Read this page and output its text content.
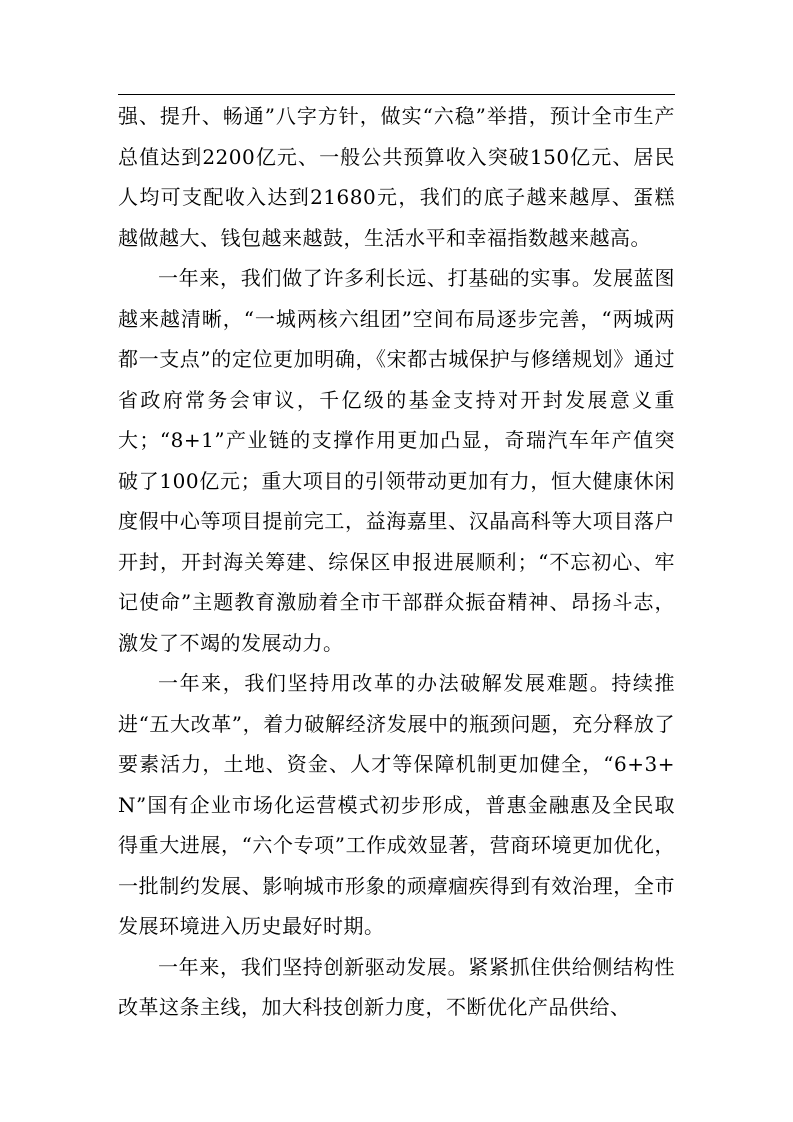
强、提升、畅通”八字方针，做实“六稳”举措，预计全市生产总值达到2200亿元、一般公共预算收入突破150亿元、居民人均可支配收入达到21680元，我们的底子越来越厚、蛋糕越做越大、钱包越来越鼓，生活水平和幸福指数越来越高。

一年来，我们做了许多利长远、打基础的实事。发展蓝图越来越清晰，“一城两核六组团”空间布局逐步完善，“两城两都一支点”的定位更加明确，《宋都古城保护与修缮规划》通过省政府常务会审议，千亿级的基金支持对开封发展意义重大；“8+1”产业链的支撑作用更加凸显，奇瑞汽车年产值突破了100亿元；重大项目的引领带动更加有力，恒大健康休闲度假中心等项目提前完工，益海嘉里、汉晶高科等大项目落户开封，开封海关筹建、综保区申报进展顺利；“不忘初心、牢记使命”主题教育激励着全市干部群众振奋精神、昂扬斗志，激发了不竭的发展动力。

一年来，我们坚持用改革的办法破解发展难题。持续推进“五大改革”，着力破解经济发展中的瓶颈问题，充分释放了要素活力，土地、资金、人才等保障机制更加健全，“6+3+N”国有企业市场化运营模式初步形成，普惠金融惠及全民取得重大进展，“六个专项”工作成效显著，营商环境更加优化，一批制约发展、影响城市形象的顽瘴痼疾得到有效治理，全市发展环境进入历史最好时期。

一年来，我们坚持创新驱动发展。紧紧抓住供给侧结构性改革这条主线，加大科技创新力度，不断优化产品供给、
